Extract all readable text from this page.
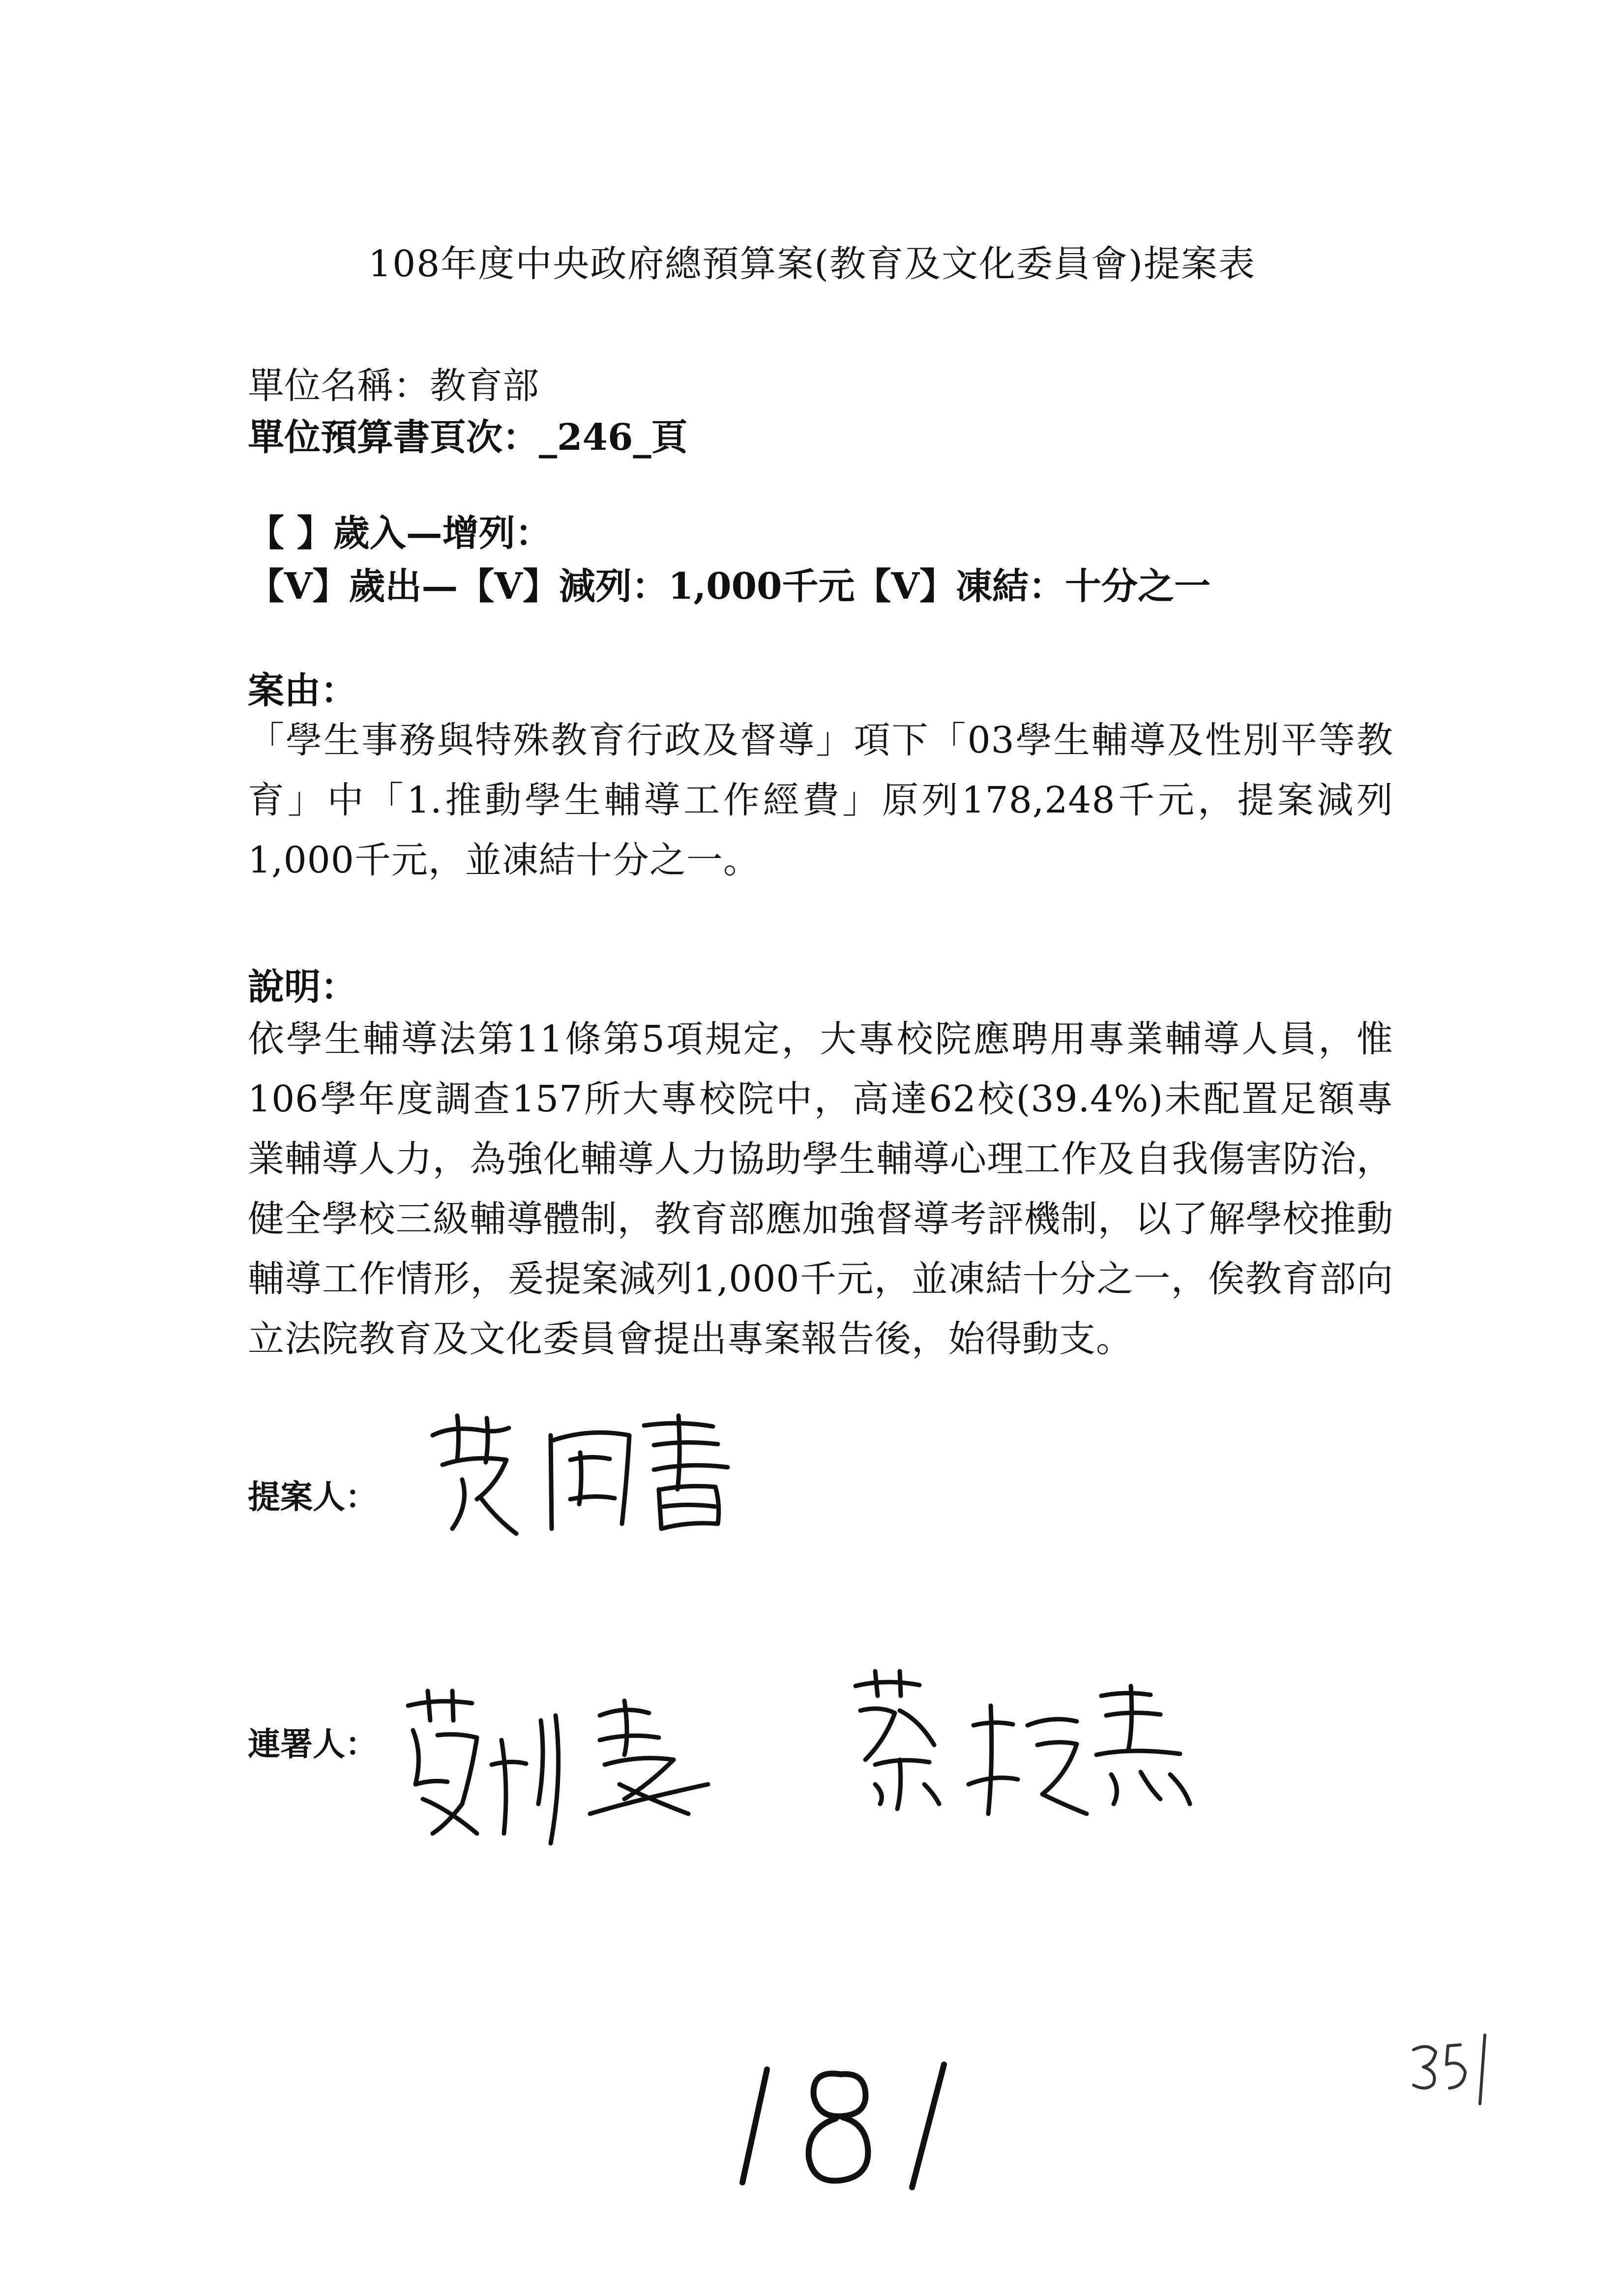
108年度中央政府總預算案(教育及文化委員會)提案表
單位名稱：教育部
單位預算書頁次：_246_頁
【 】歲入—增列：
【V】歲出—【V】減列：1,000千元【V】凍結：十分之一
案由：
「學生事務與特殊教育行政及督導」項下「03學生輔導及性別平等教育」中「1.推動學生輔導工作經費」原列178,248千元，提案減列1,000千元，並凍結十分之一。
說明：
依學生輔導法第11條第5項規定，大專校院應聘用專業輔導人員，惟106學年度調查157所大專校院中，高達62校(39.4%)未配置足額專業輔導人力，為強化輔導人力協助學生輔導心理工作及自我傷害防治，健全學校三級輔導體制，教育部應加強督導考評機制，以了解學校推動輔導工作情形，爰提案減列1,000千元，並凍結十分之一，俟教育部向立法院教育及文化委員會提出專案報告後，始得動支。
提案人：
連署人：
